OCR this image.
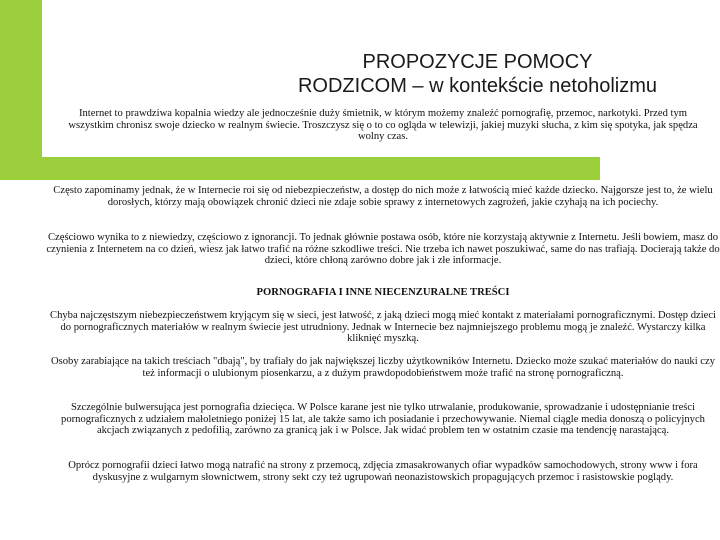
PROPOZYCJE POMOCY
RODZICOM – w kontekście netoholizmu

Internet to prawdziwa kopalnia wiedzy ale jednocześnie duży śmietnik, w którym możemy znaleźć pornografię, przemoc, narkotyki. Przed tym wszystkim chronisz swoje dziecko w realnym świecie. Troszczysz się o to co ogląda w telewizji, jakiej muzyki słucha, z kim się spotyka, jak spędza wolny czas.

Często zapominamy jednak, że w Internecie roi się od niebezpieczeństw, a dostęp do nich może z łatwością mieć każde dziecko. Najgorsze jest to, że wielu dorosłych, którzy mają obowiązek chronić dzieci nie zdaje sobie sprawy z internetowych zagrożeń, jakie czyhają na ich pociechy.

Częściowo wynika to z niewiedzy, częściowo z ignorancji. To jednak głównie postawa osób, które nie korzystają aktywnie z Internetu. Jeśli bowiem, masz do czynienia z Internetem na co dzień, wiesz jak łatwo trafić na różne szkodliwe treści. Nie trzeba ich nawet poszukiwać, same do nas trafiają. Docierają także do dzieci, które chłoną zarówno dobre jak i złe informacje.

PORNOGRAFIA I INNE NIECENZURALNE TREŚCI

Chyba najczęstszym niebezpieczeństwem kryjącym się w sieci, jest łatwość, z jaką dzieci mogą mieć kontakt z materiałami pornograficznymi. Dostęp dzieci do pornograficznych materiałów w realnym świecie jest utrudniony. Jednak w Internecie bez najmniejszego problemu mogą je znaleźć. Wystarczy kilka kliknięć myszką.

Osoby zarabiające na takich treściach "dbają", by trafiały do jak największej liczby użytkowników Internetu. Dziecko może szukać materiałów do nauki czy też informacji o ulubionym piosenkarzu, a z dużym prawdopodobieństwem może trafić na stronę pornograficzną.

Szczególnie bulwersująca jest pornografia dziecięca. W Polsce karane jest nie tylko utrwalanie, produkowanie, sprowadzanie i udostępnianie treści pornograficznych z udziałem małoletniego poniżej 15 lat, ale także samo ich posiadanie i przechowywanie. Niemal ciągle media donoszą o policyjnych akcjach związanych z pedofilią, zarówno za granicą jak i w Polsce. Jak widać problem ten w ostatnim czasie ma tendencję narastającą.

Oprócz pornografii dzieci łatwo mogą natrafić na strony z przemocą, zdjęcia zmasakrowanych ofiar wypadków samochodowych, strony www i fora dyskusyjne z wulgarnym słownictwem, strony sekt czy też ugrupowań neonazistowskich propagujących przemoc i rasistowskie poglądy.
